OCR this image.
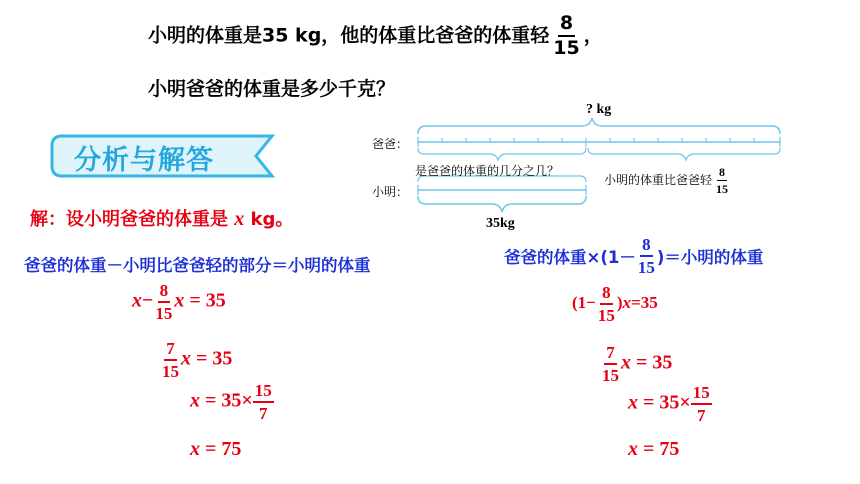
小明的体重是35 kg，他的体重比爸爸的体重轻 $\frac{8}{15}$ ，
小明爸爸的体重是多少千克？
分析与解答
? kg
爸爸：
是爸爸的体重的几分之几？
小明的体重比爸爸轻 $\frac{8}{15}$
小明：
35kg
解：设小明爸爸的体重是 x kg。
爸爸的体重－小明比爸爸轻的部分＝小明的体重
$x- \frac{8}{15}$ x = 35
$\frac{7}{15}$ x = 35
$x = 35\times \frac{15}{7}$
x = 75
爸爸的体重$\times(1- \frac{8}{15}$ )＝小明的体重
$(1- \frac{8}{15} )x=35$
$\frac{7}{15}$ x = 35
$x = 35\times \frac{15}{7}$
x = 75
